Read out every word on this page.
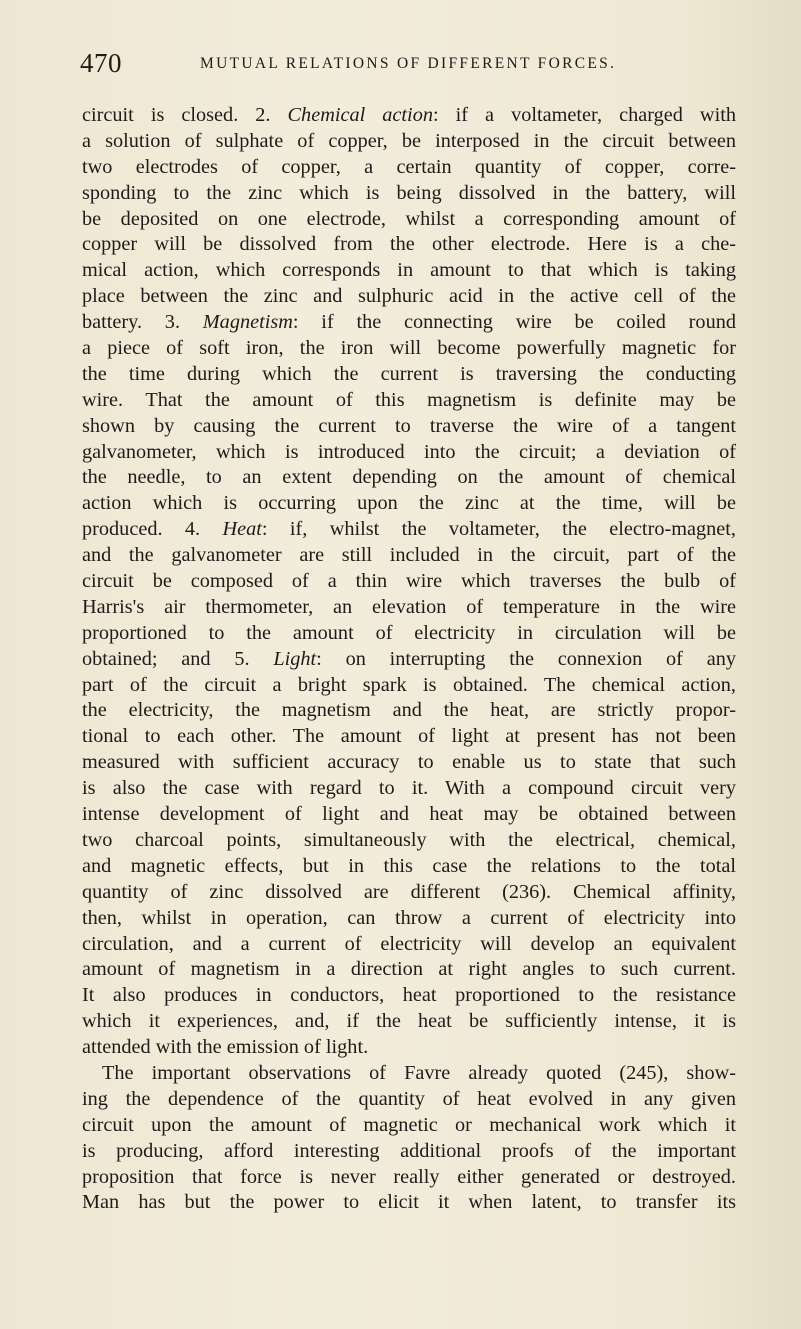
470	MUTUAL RELATIONS OF DIFFERENT FORCES.
circuit is closed. 2. Chemical action: if a voltameter, charged with
a solution of sulphate of copper, be interposed in the circuit between
two electrodes of copper, a certain quantity of copper, corre-
sponding to the zinc which is being dissolved in the battery, will
be deposited on one electrode, whilst a corresponding amount of
copper will be dissolved from the other electrode. Here is a che-
mical action, which corresponds in amount to that which is taking
place between the zinc and sulphuric acid in the active cell of the
battery. 3. Magnetism: if the connecting wire be coiled round
a piece of soft iron, the iron will become powerfully magnetic for
the time during which the current is traversing the conducting
wire. That the amount of this magnetism is definite may be
shown by causing the current to traverse the wire of a tangent
galvanometer, which is introduced into the circuit; a deviation of
the needle, to an extent depending on the amount of chemical
action which is occurring upon the zinc at the time, will be
produced. 4. Heat: if, whilst the voltameter, the electro-magnet,
and the galvanometer are still included in the circuit, part of the
circuit be composed of a thin wire which traverses the bulb of
Harris's air thermometer, an elevation of temperature in the wire
proportioned to the amount of electricity in circulation will be
obtained; and 5. Light: on interrupting the connexion of any
part of the circuit a bright spark is obtained. The chemical action,
the electricity, the magnetism and the heat, are strictly propor-
tional to each other. The amount of light at present has not been
measured with sufficient accuracy to enable us to state that such
is also the case with regard to it. With a compound circuit very
intense development of light and heat may be obtained between
two charcoal points, simultaneously with the electrical, chemical,
and magnetic effects, but in this case the relations to the total
quantity of zinc dissolved are different (236). Chemical affinity,
then, whilst in operation, can throw a current of electricity into
circulation, and a current of electricity will develop an equivalent
amount of magnetism in a direction at right angles to such current.
It also produces in conductors, heat proportioned to the resistance
which it experiences, and, if the heat be sufficiently intense, it is
attended with the emission of light.
The important observations of Favre already quoted (245), show-
ing the dependence of the quantity of heat evolved in any given
circuit upon the amount of magnetic or mechanical work which it
is producing, afford interesting additional proofs of the important
proposition that force is never really either generated or destroyed.
Man has but the power to elicit it when latent, to transfer its
